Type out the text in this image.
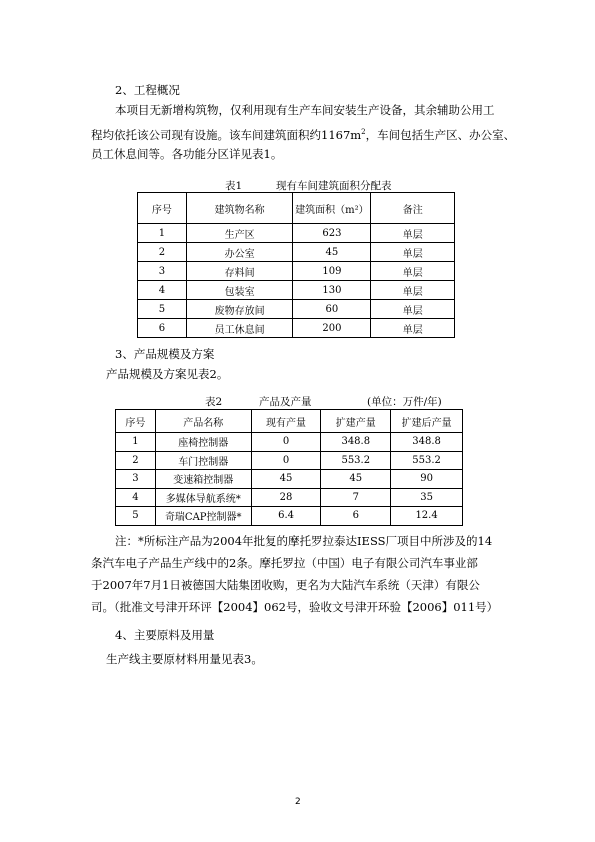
2、工程概况
本项目无新增构筑物，仅利用现有生产车间安装生产设备，其余辅助公用工
程均依托该公司现有设施。该车间建筑面积约$1167m^2$，车间包括生产区、办公室、
员工休息间等。各功能分区详见表1。
表1	现有车间建筑面积分配表
序号	建筑物名称	建筑面积（m²）	备注
1	生产区	623	单层
2	办公室	45	单层
3	存料间	109	单层
4	包装室	130	单层
5	废物存放间	60	单层
6	员工休息间	200	单层
3、产品规模及方案
产品规模及方案见表2。
表2	产品及产量	(单位：万件/年)
序号	产品名称	现有产量	扩建产量	扩建后产量
1	座椅控制器	0	348.8	348.8
2	车门控制器	0	553.2	553.2
3	变速箱控制器	45	45	90
4	多媒体导航系统*	28	7	35
5	奇瑞CAP控制器*	6.4	6	12.4
注：*所标注产品为2004年批复的摩托罗拉泰达IESS厂项目中所涉及的14
条汽车电子产品生产线中的2条。摩托罗拉（中国）电子有限公司汽车事业部
于2007年7月1日被德国大陆集团收购，更名为大陆汽车系统（天津）有限公
司。（批准文号津开环评【2004】062号，验收文号津开环验【2006】011号）
4、主要原料及用量
生产线主要原材料用量见表3。
2
